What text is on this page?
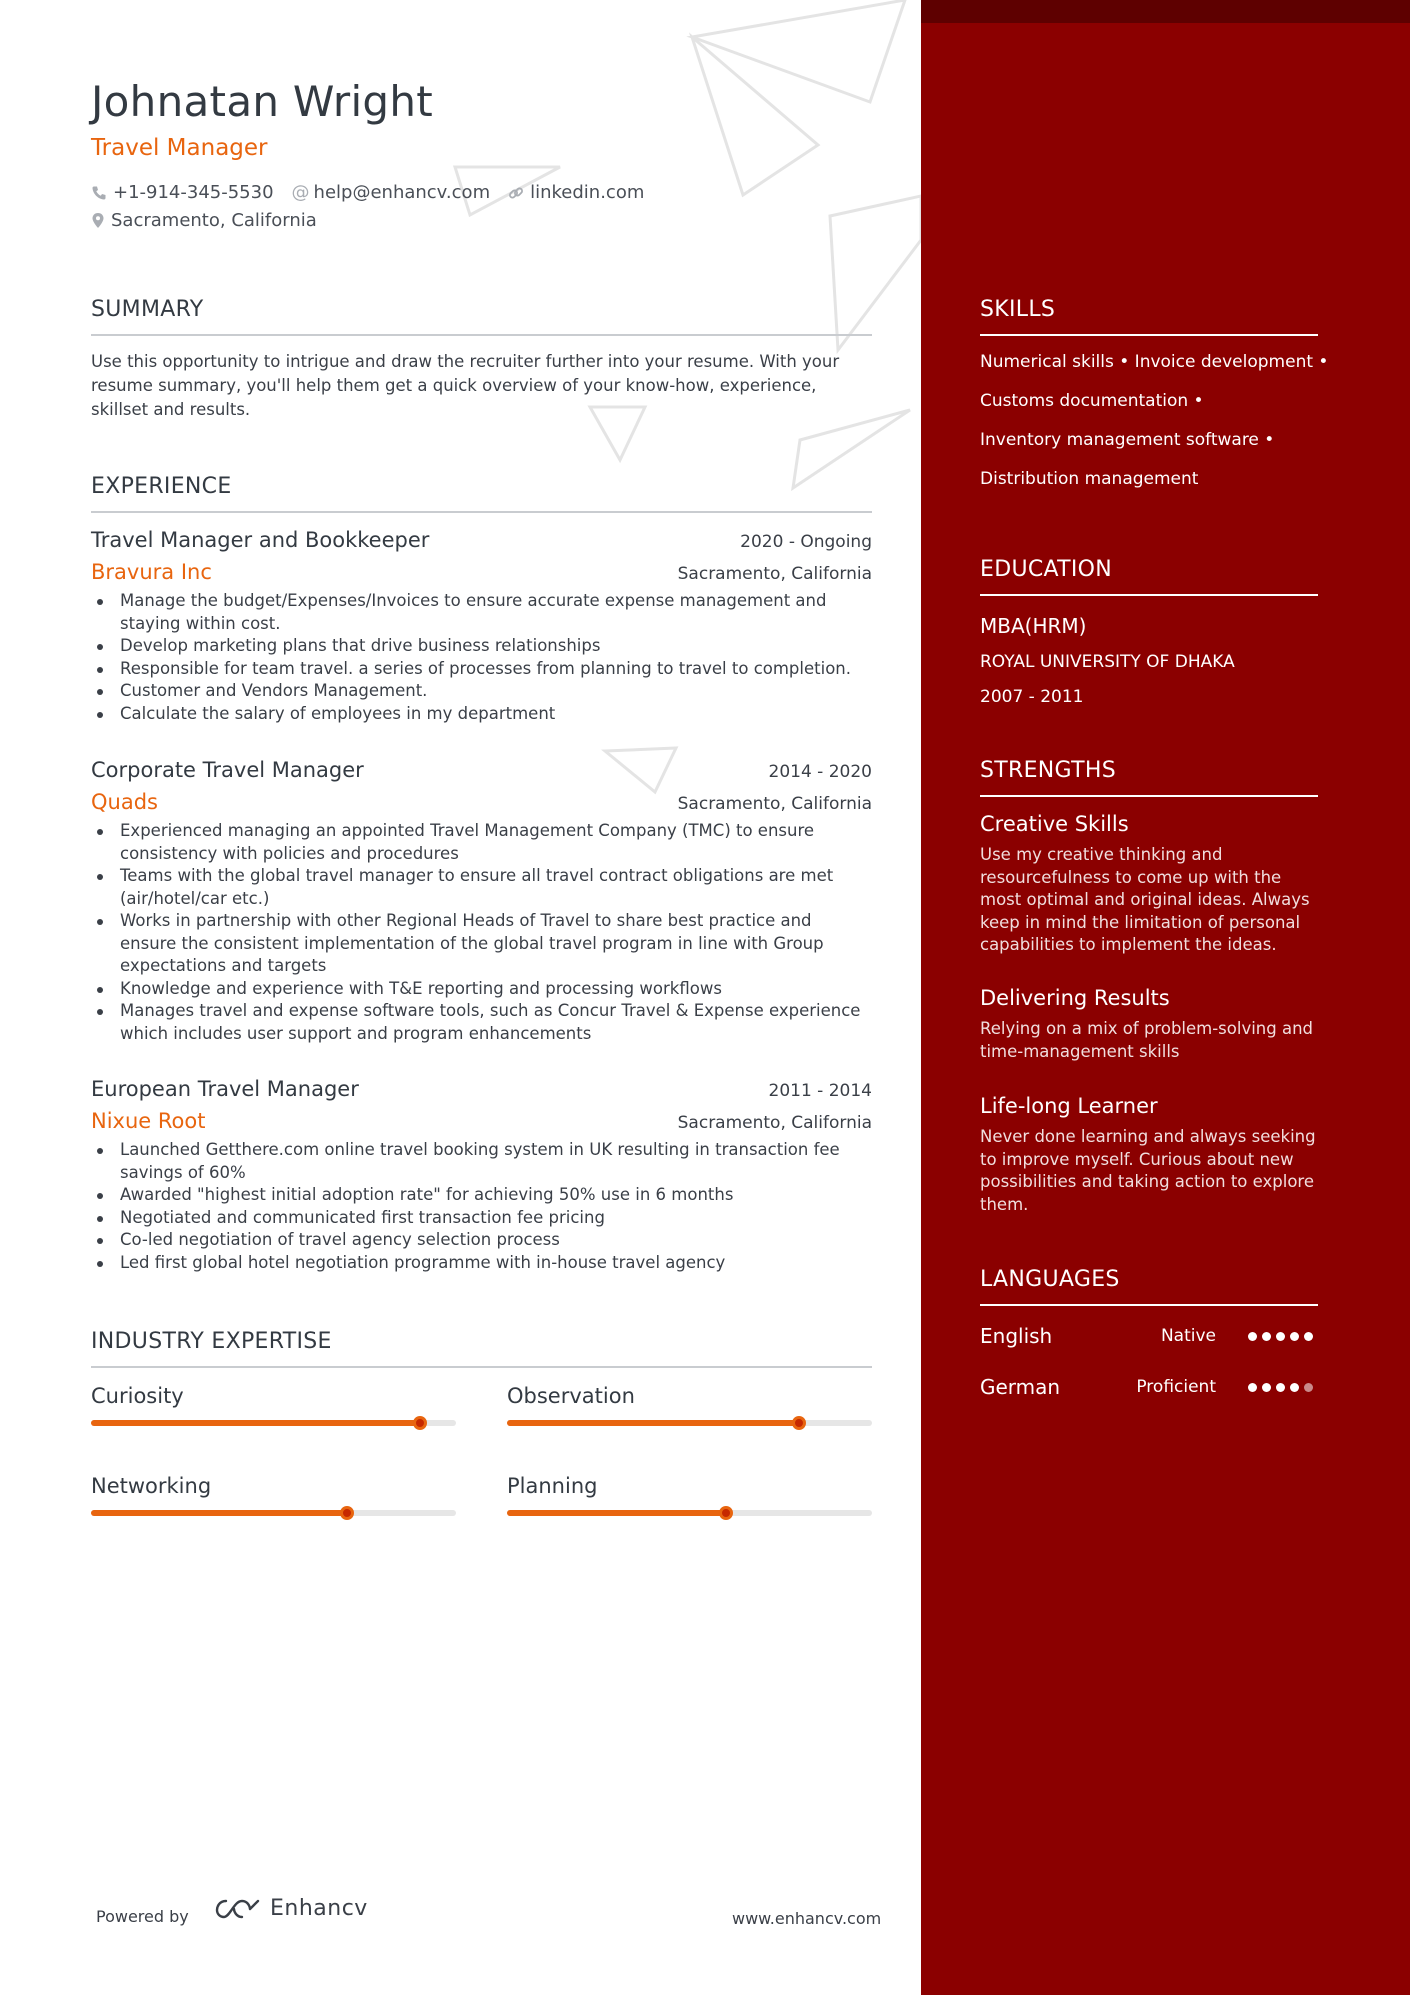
SKILLS
Numerical skills • Invoice development •
Customs documentation •
Inventory management software •
Distribution management
EDUCATION
MBA(HRM)
ROYAL UNIVERSITY OF DHAKA
2007 - 2011
STRENGTHS
Creative Skills
Use my creative thinking and resourcefulness to come up with the most optimal and original ideas. Always keep in mind the limitation of personal capabilities to implement the ideas.
Delivering Results
Relying on a mix of problem-solving and time-management skills
Life-long Learner
Never done learning and always seeking to improve myself. Curious about new possibilities and taking action to explore them.
LANGUAGES
English	Native
German	Proficient
Johnatan Wright
Travel Manager
+1-914-345-5530 @ help@enhancv.com linkedin.com
Sacramento, California
SUMMARY
Use this opportunity to intrigue and draw the recruiter further into your resume. With your resume summary, you'll help them get a quick overview of your know-how, experience, skillset and results.
EXPERIENCE
Travel Manager and Bookkeeper	2020 - Ongoing
Bravura Inc	Sacramento, California
Manage the budget/Expenses/Invoices to ensure accurate expense management and staying within cost.
Develop marketing plans that drive business relationships
Responsible for team travel. a series of processes from planning to travel to completion.
Customer and Vendors Management.
Calculate the salary of employees in my department
Corporate Travel Manager	2014 - 2020
Quads	Sacramento, California
Experienced managing an appointed Travel Management Company (TMC) to ensure consistency with policies and procedures
Teams with the global travel manager to ensure all travel contract obligations are met (air/hotel/car etc.)
Works in partnership with other Regional Heads of Travel to share best practice and ensure the consistent implementation of the global travel program in line with Group expectations and targets
Knowledge and experience with T&E reporting and processing workflows
Manages travel and expense software tools, such as Concur Travel & Expense experience which includes user support and program enhancements
European Travel Manager	2011 - 2014
Nixue Root	Sacramento, California
Launched Getthere.com online travel booking system in UK resulting in transaction fee savings of 60%
Awarded "highest initial adoption rate" for achieving 50% use in 6 months
Negotiated and communicated first transaction fee pricing
Co-led negotiation of travel agency selection process
Led first global hotel negotiation programme with in-house travel agency
INDUSTRY EXPERTISE
Curiosity	Observation
Networking	Planning
Powered by	Enhancv	www.enhancv.com
